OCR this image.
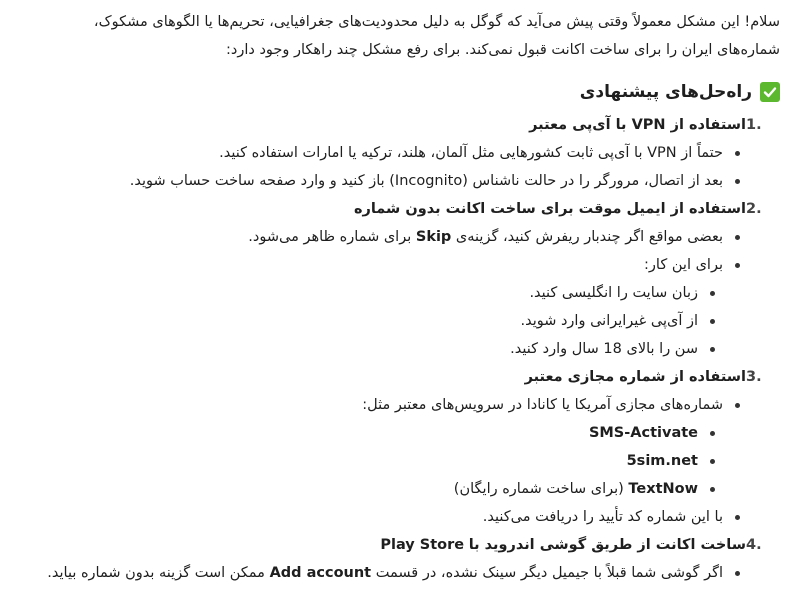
سلام! این مشکل معمولاً وقتی پیش می‌آید که گوگل به دلیل محدودیت‌های جغرافیایی، تحریم‌ها یا الگوهای مشکوک،

شماره‌های ایران را برای ساخت اکانت قبول نمی‌کند. برای رفع مشکل چند راهکار وجود دارد:

راه‌حل‌های پیشنهادی
1.
استفاده از VPN با آی‌پی معتبر
حتماً از VPN با آی‌پی ثابت کشورهایی مثل آلمان، هلند، ترکیه یا امارات استفاده کنید.
بعد از اتصال، مرورگر را در حالت ناشناس (Incognito) باز کنید و وارد صفحه ساخت حساب شوید.
2.
استفاده از ایمیل موقت برای ساخت اکانت بدون شماره
بعضی مواقع اگر چندبار ریفرش کنید، گزینه‌ی

Skip

برای شماره ظاهر می‌شود.
برای این کار:
زبان سایت را انگلیسی کنید.
از آی‌پی غیرایرانی وارد شوید.
سن را بالای 18 سال وارد کنید.
3.
استفاده از شماره مجازی معتبر
شماره‌های مجازی آمریکا یا کانادا در سرویس‌های معتبر مثل:
SMS-Activate
5sim.net
TextNow

(برای ساخت شماره رایگان)
با این شماره کد تأیید را دریافت می‌کنید.
4.
ساخت اکانت از طریق گوشی اندروید با

Play Store
اگر گوشی شما قبلاً با جیمیل دیگر سینک نشده، در قسمت

Add account

ممکن است گزینه بدون شماره بیاید.
